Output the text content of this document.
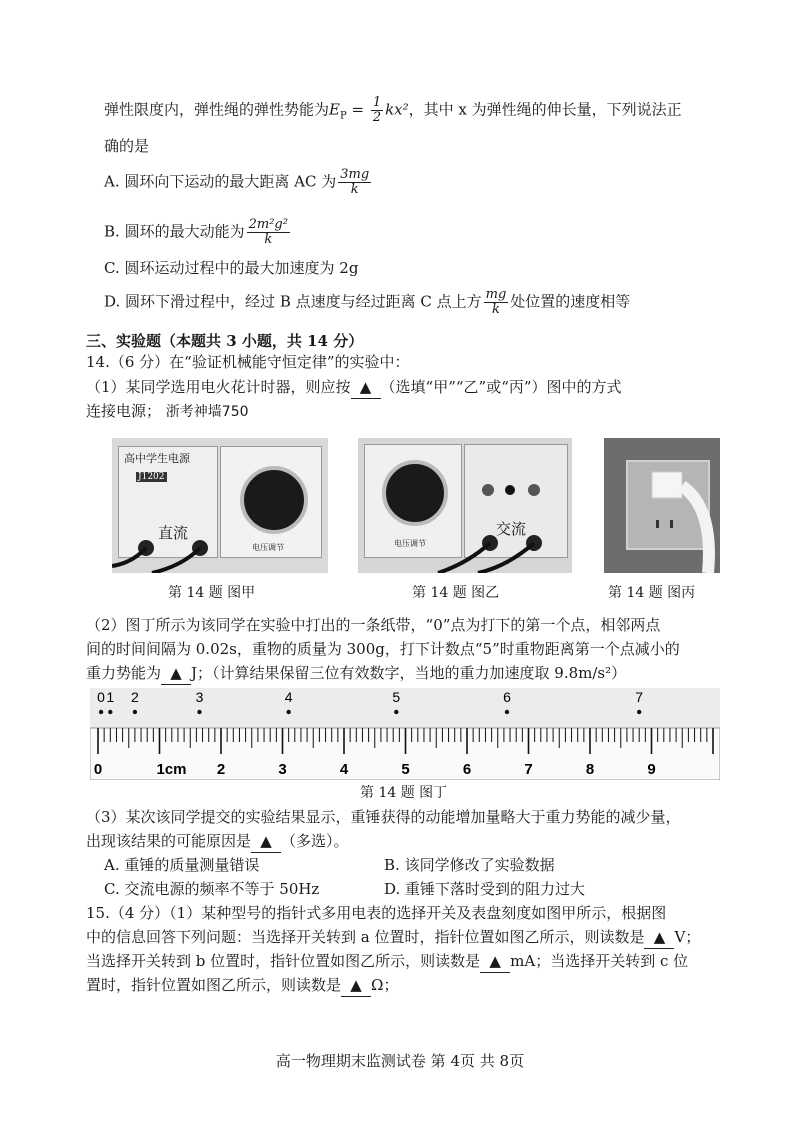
弹性限度内，弹性绳的弹性势能为$E_P = \frac{1}{2} kx^2$，其中 x 为弹性绳的伸长量，下列说法正
确的是
A. 圆环向下运动的最大距离 AC 为 $\frac{3mg}{k}$
B. 圆环的最大动能为 $\frac{\text{2m²g²}}{k}$
C. 圆环运动过程中的最大加速度为 2g
D. 圆环下滑过程中，经过 B 点速度与经过距离 C 点上方 $\frac{mg}{k}$ 处位置的速度相等
三、实验题（本题共 3 小题，共 14 分）
14.（6 分）在“验证机械能守恒定律”的实验中：
（1）某同学选用电火花计时器，则应按 ▲ （选填“甲”“乙”或“丙”）图中的方式
连接电源； 浙考神墙750
高中学生电源
J1202
电压调节
直流
第 14 题 图甲
电压调节
交流
第 14 题 图乙	第 14 题 图丙
（2）图丁所示为该同学在实验中打出的一条纸带，“0”点为打下的第一个点，相邻两点
间的时间间隔为 0.02s，重物的质量为 300g，打下计数点“5”时重物距离第一个点减小的
重力势能为 ▲ J；（计算结果保留三位有效数字，当地的重力加速度取 9.8m/s²）
0	1cm 2	3	4	5	6	7	8	9
0 1 2	3	4	5	6	7
第 14 题 图丁
（3）某次该同学提交的实验结果显示，重锤获得的动能增加量略大于重力势能的减少量，
出现该结果的可能原因是 ▲ （多选）。
A. 重锤的质量测量错误	B. 该同学修改了实验数据
C. 交流电源的频率不等于 50Hz	D. 重锤下落时受到的阻力过大
15.（4 分）（1）某种型号的指针式多用电表的选择开关及表盘刻度如图甲所示，根据图
中的信息回答下列问题：当选择开关转到 a 位置时，指针位置如图乙所示，则读数是 ▲ V；
当选择开关转到 b 位置时，指针位置如图乙所示，则读数是 ▲ mA；当选择开关转到 c 位
置时，指针位置如图乙所示，则读数是 ▲ Ω；
高一物理期末监测试卷 第 4页 共 8页
